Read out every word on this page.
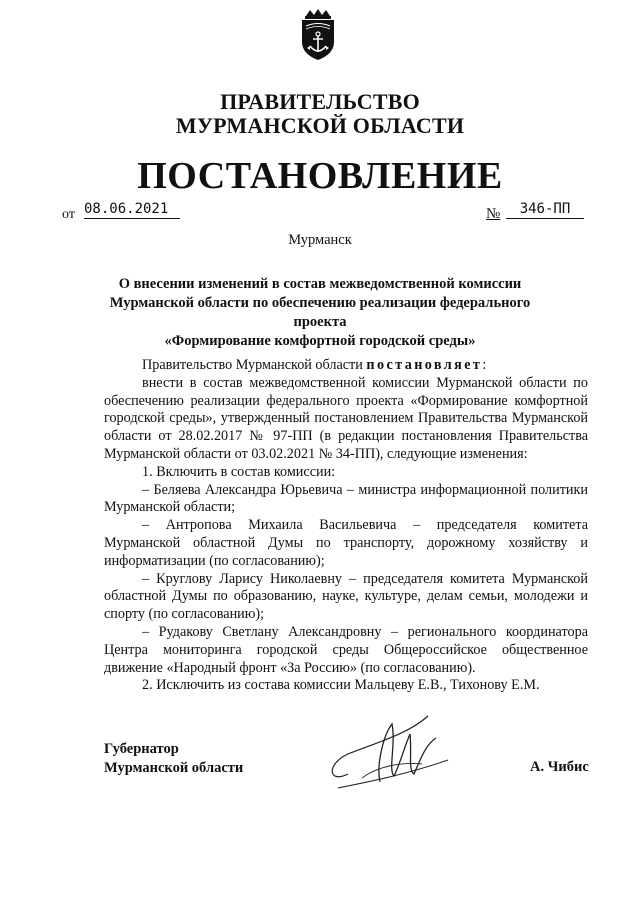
ПРАВИТЕЛЬСТВО
МУРМАНСКОЙ ОБЛАСТИ
ПОСТАНОВЛЕНИЕ
от 08.06.2021	№	346-ПП
Мурманск
О внесении изменений в состав межведомственной комиссии
Мурманской области по обеспечению реализации федерального проекта
«Формирование комфортной городской среды»

Правительство Мурманской области постановляет:

внести в состав межведомственной комиссии Мурманской области по обеспечению реализации федерального проекта «Формирование комфортной городской среды», утвержденный постановлением Правительства Мурманской области от 28.02.2017 № 97-ПП (в редакции постановления Правительства Мурманской области от 03.02.2021 № 34-ПП), следующие изменения:

1. Включить в состав комиссии:

– Беляева Александра Юрьевича – министра информационной политики Мурманской области;

– Антропова Михаила Васильевича – председателя комитета Мурманской областной Думы по транспорту, дорожному хозяйству и информатизации (по согласованию);

– Круглову Ларису Николаевну – председателя комитета Мурманской областной Думы по образованию, науке, культуре, делам семьи, молодежи и спорту (по согласованию);

– Рудакову Светлану Александровну – регионального координатора Центра мониторинга городской среды Общероссийское общественное движение «Народный фронт «За Россию» (по согласованию).

2. Исключить из состава комиссии Мальцеву Е.В., Тихонову Е.М.

Губернатор
Мурманской области	А. Чибис
